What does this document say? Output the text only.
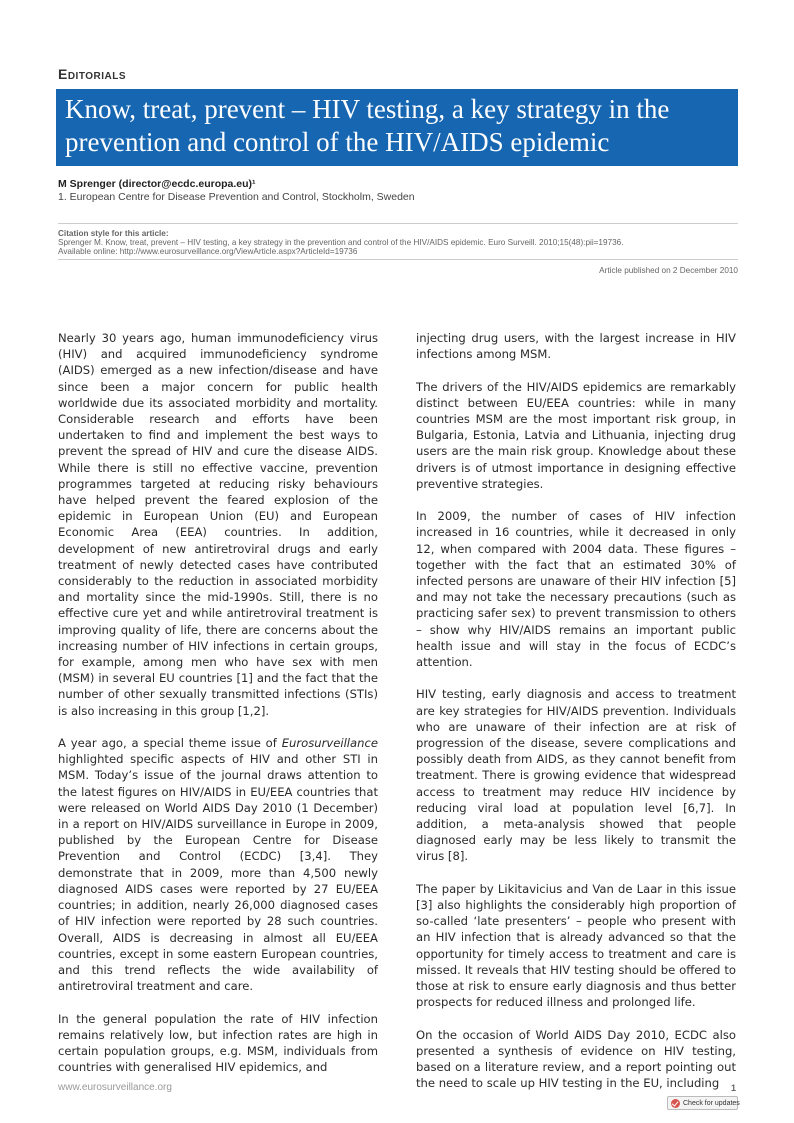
Editorials
Know, treat, prevent – HIV testing, a key strategy in the
prevention and control of the HIV/AIDS epidemic
M Sprenger (director@ecdc.europa.eu)¹
1. European Centre for Disease Prevention and Control, Stockholm, Sweden
Citation style for this article:
Sprenger M. Know, treat, prevent – HIV testing, a key strategy in the prevention and control of the HIV/AIDS epidemic. Euro Surveill. 2010;15(48):pii=19736.
Available online: http://www.eurosurveillance.org/ViewArticle.aspx?ArticleId=19736
Article published on 2 December 2010

Nearly 30 years ago, human immunodeficiency virus (HIV) and acquired immunodeficiency syndrome (AIDS) emerged as a new infection/disease and have since been a major concern for public health worldwide due its associated morbidity and mortality. Considerable research and efforts have been undertaken to find and implement the best ways to prevent the spread of HIV and cure the disease AIDS. While there is still no effective vaccine, prevention programmes targeted at reducing risky behaviours have helped prevent the feared explosion of the epidemic in European Union (EU) and European Economic Area (EEA) countries. In addition, development of new antiretroviral drugs and early treatment of newly detected cases have contributed considerably to the reduction in associated morbidity and mortality since the mid-1990s. Still, there is no effective cure yet and while antiretroviral treatment is improving quality of life, there are concerns about the increasing number of HIV infections in certain groups, for example, among men who have sex with men (MSM) in several EU countries [1] and the fact that the number of other sexually transmitted infections (STIs) is also increasing in this group [1,2].

A year ago, a special theme issue of Eurosurveillance highlighted specific aspects of HIV and other STI in MSM. Today’s issue of the journal draws attention to the latest figures on HIV/AIDS in EU/EEA countries that were released on World AIDS Day 2010 (1 December) in a report on HIV/AIDS surveillance in Europe in 2009, published by the European Centre for Disease Prevention and Control (ECDC) [3,4]. They demonstrate that in 2009, more than 4,500 newly diagnosed AIDS cases were reported by 27 EU/EEA countries; in addition, nearly 26,000 diagnosed cases of HIV infection were reported by 28 such countries. Overall, AIDS is decreasing in almost all EU/EEA countries, except in some eastern European countries, and this trend reflects the wide availability of antiretroviral treatment and care.

In the general population the rate of HIV infection remains relatively low, but infection rates are high in certain population groups, e.g. MSM, individuals from countries with generalised HIV epidemics, and

injecting drug users, with the largest increase in HIV infections among MSM.

The drivers of the HIV/AIDS epidemics are remarkably distinct between EU/EEA countries: while in many countries MSM are the most important risk group, in Bulgaria, Estonia, Latvia and Lithuania, injecting drug users are the main risk group. Knowledge about these drivers is of utmost importance in designing effective preventive strategies.

In 2009, the number of cases of HIV infection increased in 16 countries, while it decreased in only 12, when compared with 2004 data. These figures – together with the fact that an estimated 30% of infected persons are unaware of their HIV infection [5] and may not take the necessary precautions (such as practicing safer sex) to prevent transmission to others – show why HIV/AIDS remains an important public health issue and will stay in the focus of ECDC’s attention.

HIV testing, early diagnosis and access to treatment are key strategies for HIV/AIDS prevention. Individuals who are unaware of their infection are at risk of progression of the disease, severe complications and possibly death from AIDS, as they cannot benefit from treatment. There is growing evidence that widespread access to treatment may reduce HIV incidence by reducing viral load at population level [6,7]. In addition, a meta-analysis showed that people diagnosed early may be less likely to transmit the virus [8].

The paper by Likitavicius and Van de Laar in this issue [3] also highlights the considerably high proportion of so-called ‘late presenters’ – people who present with an HIV infection that is already advanced so that the opportunity for timely access to treatment and care is missed. It reveals that HIV testing should be offered to those at risk to ensure early diagnosis and thus better prospects for reduced illness and prolonged life.

On the occasion of World AIDS Day 2010, ECDC also presented a synthesis of evidence on HIV testing, based on a literature review, and a report pointing out the need to scale up HIV testing in the EU, including

www.eurosurveillance.org	1
Check for updates
